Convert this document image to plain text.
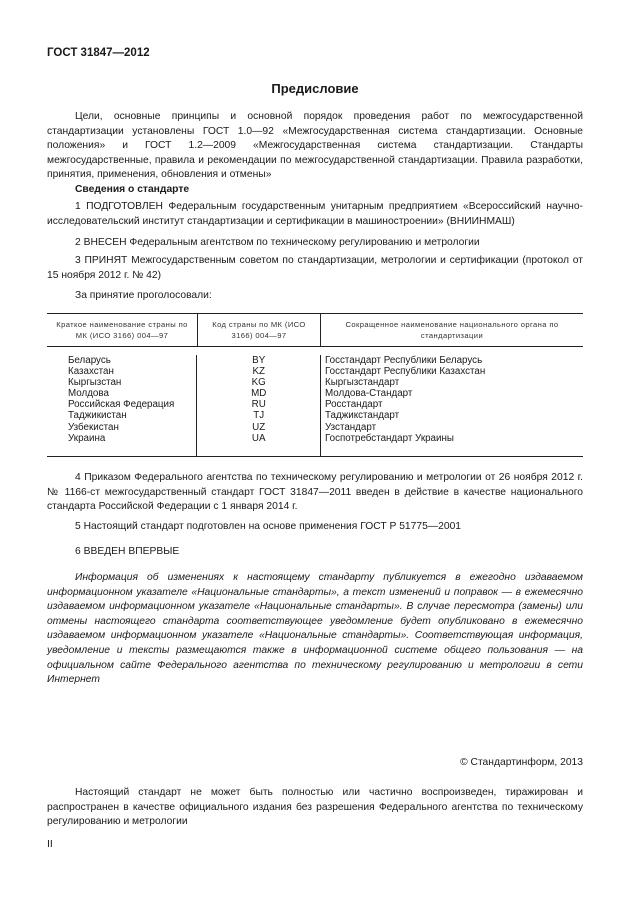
ГОСТ 31847—2012
Предисловие

Цели, основные принципы и основной порядок проведения работ по межгосударственной стандартизации установлены ГОСТ 1.0—92 «Межгосударственная система стандартизации. Основные положения» и ГОСТ 1.2—2009 «Межгосударственная система стандартизации. Стандарты межгосударственные, правила и рекомендации по межгосударственной стандартизации. Правила разработки, принятия, применения, обновления и отмены»

Сведения о стандарте

1 ПОДГОТОВЛЕН Федеральным государственным унитарным предприятием «Всероссийский научно-исследовательский институт стандартизации и сертификации в машиностроении» (ВНИИНМАШ)

2 ВНЕСЕН Федеральным агентством по техническому регулированию и метрологии

3 ПРИНЯТ Межгосударственным советом по стандартизации, метрологии и сертификации (протокол от 15 ноября 2012 г. № 42)

За принятие проголосовали:

Краткое наименование страны по МК (ИСО 3166) 004—97
Код страны по МК (ИСО 3166) 004—97
Сокращенное наименование национального органа по стандартизации
Беларусь
Казахстан
Кыргызстан
Молдова
Российская Федерация
Таджикистан
Узбекистан
Украина
BY
KZ
KG
MD
RU
TJ
UZ
UA
Госстандарт Республики Беларусь
Госстандарт Республики Казахстан
Кыргызстандарт
Молдова-Стандарт
Росстандарт
Таджикстандарт
Узстандарт
Госпотребстандарт Украины

4 Приказом Федерального агентства по техническому регулированию и метрологии от 26 ноября 2012 г. № 1166-ст межгосударственный стандарт ГОСТ 31847—2011 введен в действие в качестве национального стандарта Российской Федерации с 1 января 2014 г.

5 Настоящий стандарт подготовлен на основе применения ГОСТ Р 51775—2001

6 ВВЕДЕН ВПЕРВЫЕ

Информация об изменениях к настоящему стандарту публикуется в ежегодно издаваемом информационном указателе «Национальные стандарты», а текст изменений и поправок — в ежемесячно издаваемом информационном указателе «Национальные стандарты». В случае пересмотра (замены) или отмены настоящего стандарта соответствующее уведомление будет опубликовано в ежемесячно издаваемом информационном указателе «Национальные стандарты». Соответствующая информация, уведомление и тексты размещаются также в информационной системе общего пользования — на официальном сайте Федерального агентства по техническому регулированию и метрологии в сети Интернет

© Стандартинформ, 2013

Настоящий стандарт не может быть полностью или частично воспроизведен, тиражирован и распространен в качестве официального издания без разрешения Федерального агентства по техническому регулированию и метрологии

II
